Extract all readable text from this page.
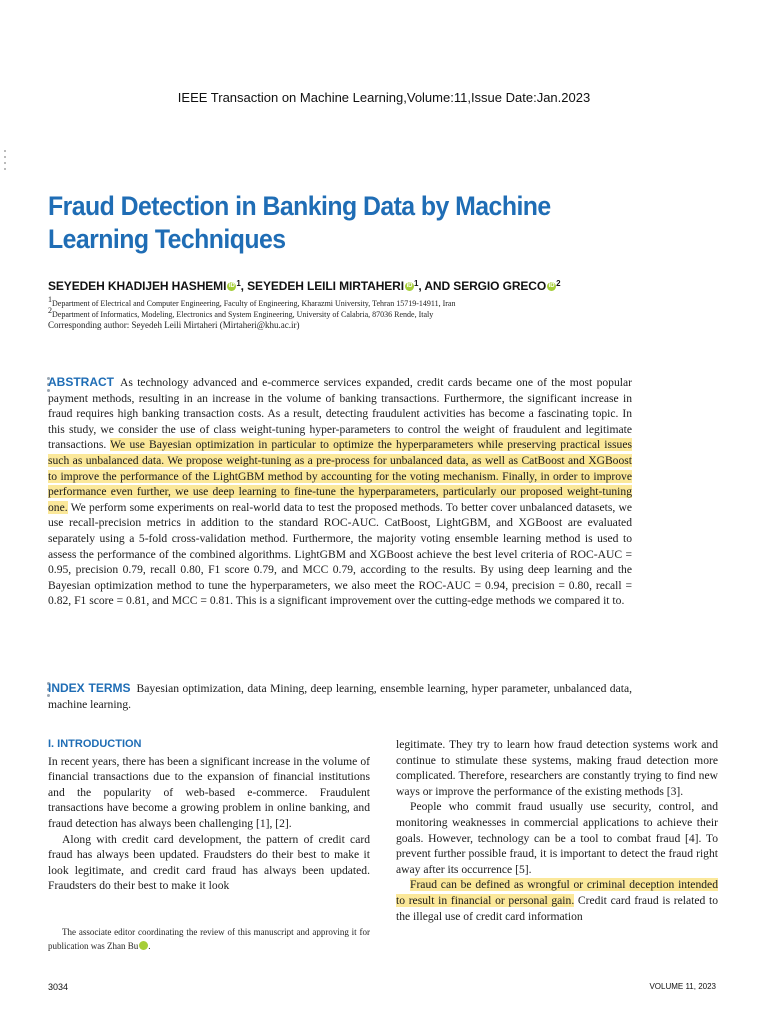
IEEE Transaction on Machine Learning,Volume:11,Issue Date:Jan.2023
Fraud Detection in Banking Data by Machine
Learning Techniques
SEYEDEH KHADIJEH HASHEMI iD $^1$, SEYEDEH LEILI MIRTAHERI iD $^1$, AND SERGIO GRECO iD $^2$
1Department of Electrical and Computer Engineering, Faculty of Engineering, Kharazmi University, Tehran 15719-14911, Iran
2Department of Informatics, Modeling, Electronics and System Engineering, University of Calabria, 87036 Rende, Italy
Corresponding author: Seyedeh Leili Mirtaheri (Mirtaheri@khu.ac.ir)
ABSTRACT As technology advanced and e-commerce services expanded, credit cards became one of the most popular payment methods, resulting in an increase in the volume of banking transactions. Furthermore, the significant increase in fraud requires high banking transaction costs. As a result, detecting fraudulent activities has become a fascinating topic. In this study, we consider the use of class weight-tuning hyper-parameters to control the weight of fraudulent and legitimate transactions. We use Bayesian optimization in particular to optimize the hyperparameters while preserving practical issues such as unbalanced data. We propose weight-tuning as a pre-process for unbalanced data, as well as CatBoost and XGBoost to improve the performance of the LightGBM method by accounting for the voting mechanism. Finally, in order to improve performance even further, we use deep learning to fine-tune the hyperparameters, particularly our proposed weight-tuning one. We perform some experiments on real-world data to test the proposed methods. To better cover unbalanced datasets, we use recall-precision metrics in addition to the standard ROC-AUC. CatBoost, LightGBM, and XGBoost are evaluated separately using a 5-fold cross-validation method. Furthermore, the majority voting ensemble learning method is used to assess the performance of the combined algorithms. LightGBM and XGBoost achieve the best level criteria of ROC-AUC = 0.95, precision 0.79, recall 0.80, F1 score 0.79, and MCC 0.79, according to the results. By using deep learning and the Bayesian optimization method to tune the hyperparameters, we also meet the ROC-AUC = 0.94, precision = 0.80, recall = 0.82, F1 score = 0.81, and MCC = 0.81. This is a significant improvement over the cutting-edge methods we compared it to.
INDEX TERMS Bayesian optimization, data Mining, deep learning, ensemble learning, hyper parameter, unbalanced data, machine learning.
I. INTRODUCTION

In recent years, there has been a significant increase in the volume of financial transactions due to the expansion of financial institutions and the popularity of web-based e-commerce. Fraudulent transactions have become a growing problem in online banking, and fraud detection has always been challenging [1], [2].

Along with credit card development, the pattern of credit card fraud has always been updated. Fraudsters do their best to make it look legitimate, and credit card fraud has always been updated. Fraudsters do their best to make it look

legitimate. They try to learn how fraud detection systems work and continue to stimulate these systems, making fraud detection more complicated. Therefore, researchers are constantly trying to find new ways or improve the performance of the existing methods [3].

People who commit fraud usually use security, control, and monitoring weaknesses in commercial applications to achieve their goals. However, technology can be a tool to combat fraud [4]. To prevent further possible fraud, it is important to detect the fraud right away after its occurrence [5].

Fraud can be defined as wrongful or criminal deception intended to result in financial or personal gain. Credit card fraud is related to the illegal use of credit card information

The associate editor coordinating the review of this manuscript and approving it for publication was Zhan Bu	iD.
3034	VOLUME 11, 2023
